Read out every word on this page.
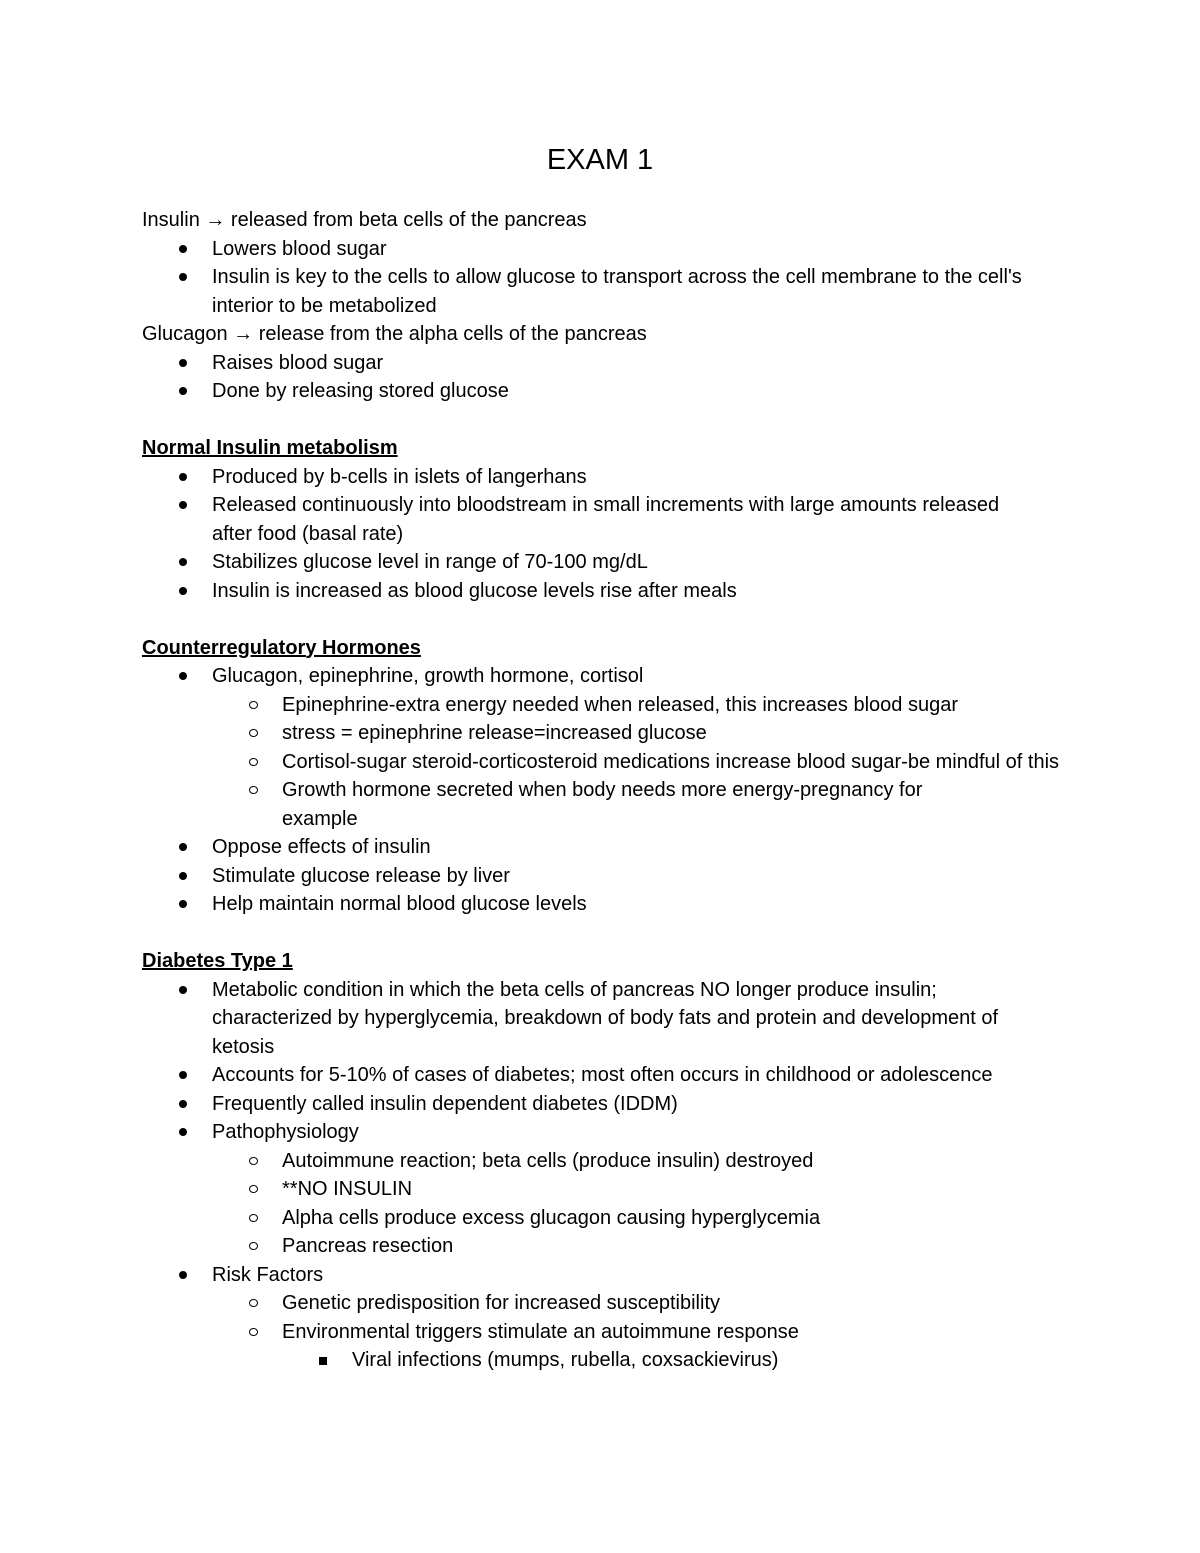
EXAM 1

Insulin → released from beta cells of the pancreas

Lowers blood sugar
Insulin is key to the cells to allow glucose to transport across the cell membrane to the cell's interior to be metabolized

Glucagon → release from the alpha cells of the pancreas

Raises blood sugar
Done by releasing stored glucose

Normal Insulin metabolism

Produced by b-cells in islets of langerhans
Released continuously into bloodstream in small increments with large amounts released after food (basal rate)
Stabilizes glucose level in range of 70-100 mg/dL
Insulin is increased as blood glucose levels rise after meals

Counterregulatory Hormones

Glucagon, epinephrine, growth hormone, cortisol
Epinephrine-extra energy needed when released, this increases blood sugar
stress = epinephrine release=increased glucose
Cortisol-sugar steroid-corticosteroid medications increase blood sugar-be mindful of this
Growth hormone secreted when body needs more energy-pregnancy for example
Oppose effects of insulin
Stimulate glucose release by liver
Help maintain normal blood glucose levels

Diabetes Type 1

Metabolic condition in which the beta cells of pancreas NO longer produce insulin; characterized by hyperglycemia, breakdown of body fats and protein and development of ketosis
Accounts for 5-10% of cases of diabetes; most often occurs in childhood or adolescence
Frequently called insulin dependent diabetes (IDDM)
Pathophysiology
Autoimmune reaction; beta cells (produce insulin) destroyed
**NO INSULIN
Alpha cells produce excess glucagon causing hyperglycemia
Pancreas resection
Risk Factors
Genetic predisposition for increased susceptibility
Environmental triggers stimulate an autoimmune response
Viral infections (mumps, rubella, coxsackievirus)
